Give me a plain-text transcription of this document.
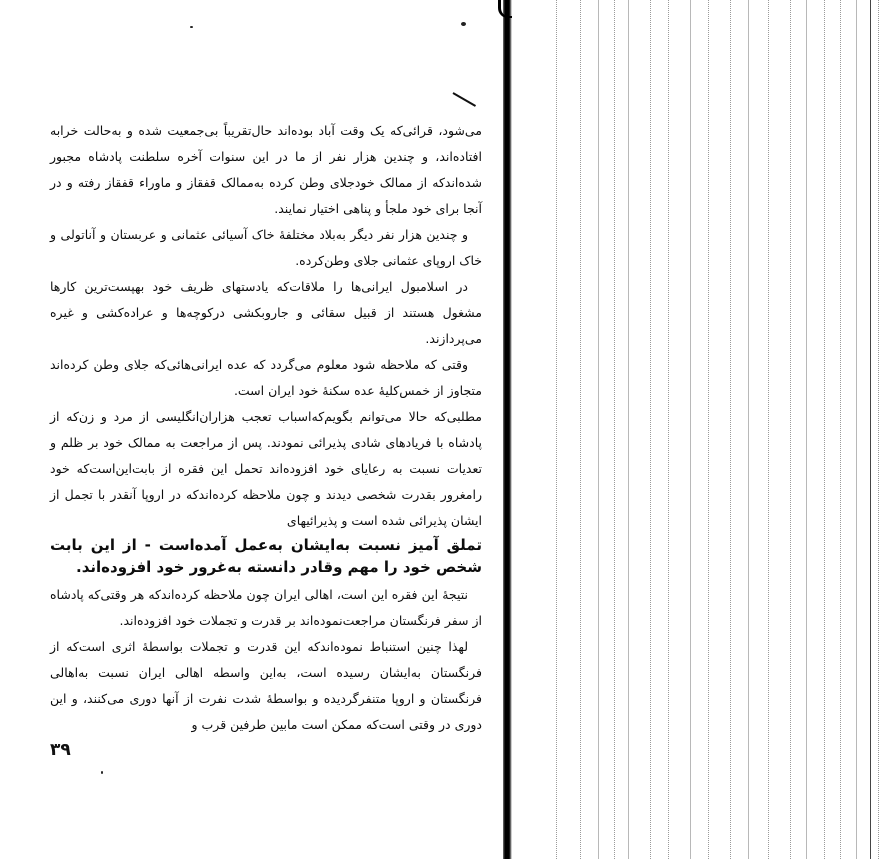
می‌شود، قرائی‌که یک وقت آباد بوده‌اند حال‌تقریباً بی‌جمعیت شده و به‌حالت خرابه افتاده‌اند، و چندین هزار نفر از ما در این سنوات آخره سلطنت پادشاه مجبور شده‌اندکه از ممالک خودجلای وطن کرده به‌ممالک قفقاز و ماوراء قفقاز رفته و در آنجا برای خود ملجأ و پناهی اختیار نمایند.

و چندین هزار نفر دیگر به‌بلاد مختلفهٔ خاک آسیائی عثمانی و عربستان و آناتولی و خاک اروپای عثمانی جلای وطن‌کرده.

در اسلامبول ایرانی‌ها را ملاقات‌که یادستهای ظریف خود بهپست‌ترین کارها مشغول هستند از قبیل سقائی و جاروبکشی درکوچه‌ها و عراده‌کشی و غیره می‌پردازند.

وقتی که ملاحظه شود معلوم می‌گردد که عده ایرانی‌هائی‌که جلای وطن کرده‌اند متجاوز از خمس‌کلیهٔ عده سکنهٔ خود ایران است.

مطلبی‌که حالا می‌توانم بگویم‌که‌اسباب تعجب هزاران‌انگلیسی از مرد و زن‌که از پادشاه با فریادهای شادی پذیرائی نمودند. پس از مراجعت به ممالک خود بر ظلم و تعدیات نسبت به رعایای خود افزوده‌اند تحمل این فقره از بابت‌این‌است‌که خود رامغرور بقدرت شخصی دیدند و چون ملاحظه کرده‌اندکه در اروپا آنقدر با تجمل از ایشان پذیرائی شده است و پذیرائیهای

تملق آمیز نسبت به‌ایشان به‌عمل آمده‌است - از این بابت شخص خود را مهم وقادر دانسته به‌غرور خود افزوده‌اند.

نتیجهٔ این فقره این است، اهالی ایران چون ملاحظه کرده‌اندکه هر وقتی‌که پادشاه از سفر فرنگستان مراجعت‌نموده‌اند بر قدرت و تجملات خود افزوده‌اند.

لهذا چنین استنباط نموده‌اندکه این قدرت و تجملات بواسطهٔ اثری است‌که از فرنگستان به‌ایشان رسیده است، به‌این واسطه اهالی ایران نسبت به‌اهالی فرنگستان و اروپا متنفرگردیده و بواسطهٔ شدت نفرت از آنها دوری می‌کنند، و این دوری در وقتی است‌که ممکن است مابین طرفین قرب و

۳۹
